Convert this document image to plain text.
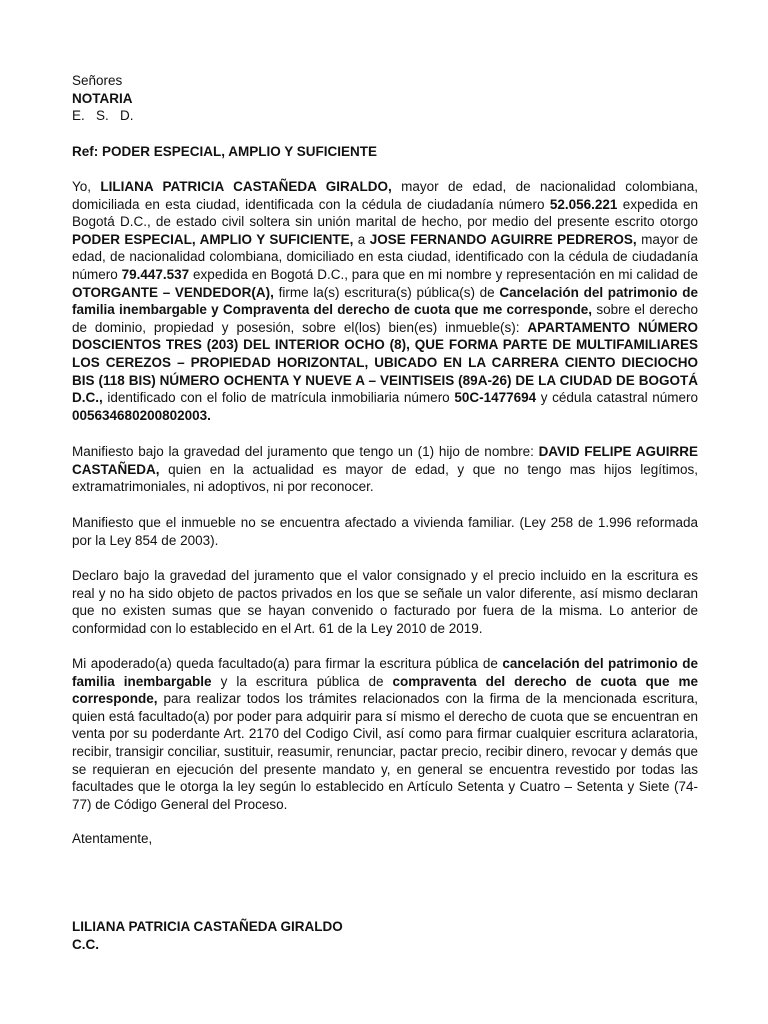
Señores
NOTARIA
E.   S.   D.
Ref: PODER ESPECIAL, AMPLIO Y SUFICIENTE

Yo, LILIANA PATRICIA CASTAÑEDA GIRALDO, mayor de edad, de nacionalidad colombiana, domiciliada en esta ciudad, identificada con la cédula de ciudadanía número 52.056.221 expedida en Bogotá D.C., de estado civil soltera sin unión marital de hecho, por medio del presente escrito otorgo PODER ESPECIAL, AMPLIO Y SUFICIENTE, a JOSE FERNANDO AGUIRRE PEDREROS, mayor de edad, de nacionalidad colombiana, domiciliado en esta ciudad, identificado con la cédula de ciudadanía número 79.447.537 expedida en Bogotá D.C., para que en mi nombre y representación en mi calidad de OTORGANTE – VENDEDOR(A), firme la(s) escritura(s) pública(s) de Cancelación del patrimonio de familia inembargable y Compraventa del derecho de cuota que me corresponde, sobre el derecho de dominio, propiedad y posesión, sobre el(los) bien(es) inmueble(s): APARTAMENTO NÚMERO DOSCIENTOS TRES (203) DEL INTERIOR OCHO (8), QUE FORMA PARTE DE MULTIFAMILIARES LOS CEREZOS – PROPIEDAD HORIZONTAL, UBICADO EN LA CARRERA CIENTO DIECIOCHO BIS (118 BIS) NÚMERO OCHENTA Y NUEVE A – VEINTISEIS (89A-26) DE LA CIUDAD DE BOGOTÁ D.C., identificado con el folio de matrícula inmobiliaria número 50C-1477694 y cédula catastral número 005634680200802003.

Manifiesto bajo la gravedad del juramento que tengo un (1) hijo de nombre: DAVID FELIPE AGUIRRE CASTAÑEDA, quien en la actualidad es mayor de edad, y que no tengo mas hijos legítimos, extramatrimoniales, ni adoptivos, ni por reconocer.

Manifiesto que el inmueble no se encuentra afectado a vivienda familiar. (Ley 258 de 1.996 reformada por la Ley 854 de 2003).

Declaro bajo la gravedad del juramento que el valor consignado y el precio incluido en la escritura es real y no ha sido objeto de pactos privados en los que se señale un valor diferente, así mismo declaran que no existen sumas que se hayan convenido o facturado por fuera de la misma. Lo anterior de conformidad con lo establecido en el Art. 61 de la Ley 2010 de 2019.

Mi apoderado(a) queda facultado(a) para firmar la escritura pública de cancelación del patrimonio de familia inembargable y la escritura pública de compraventa del derecho de cuota que me corresponde, para realizar todos los trámites relacionados con la firma de la mencionada escritura, quien está facultado(a) por poder para adquirir para sí mismo el derecho de cuota que se encuentran en venta por su poderdante Art. 2170 del Codigo Civil, así como para firmar cualquier escritura aclaratoria, recibir, transigir conciliar, sustituir, reasumir, renunciar, pactar precio, recibir dinero, revocar y demás que se requieran en ejecución del presente mandato y, en general se encuentra revestido por todas las facultades que le otorga la ley según lo establecido en Artículo Setenta y Cuatro – Setenta y Siete (74-77) de Código General del Proceso.

Atentamente,
LILIANA PATRICIA CASTAÑEDA GIRALDO
C.C.
